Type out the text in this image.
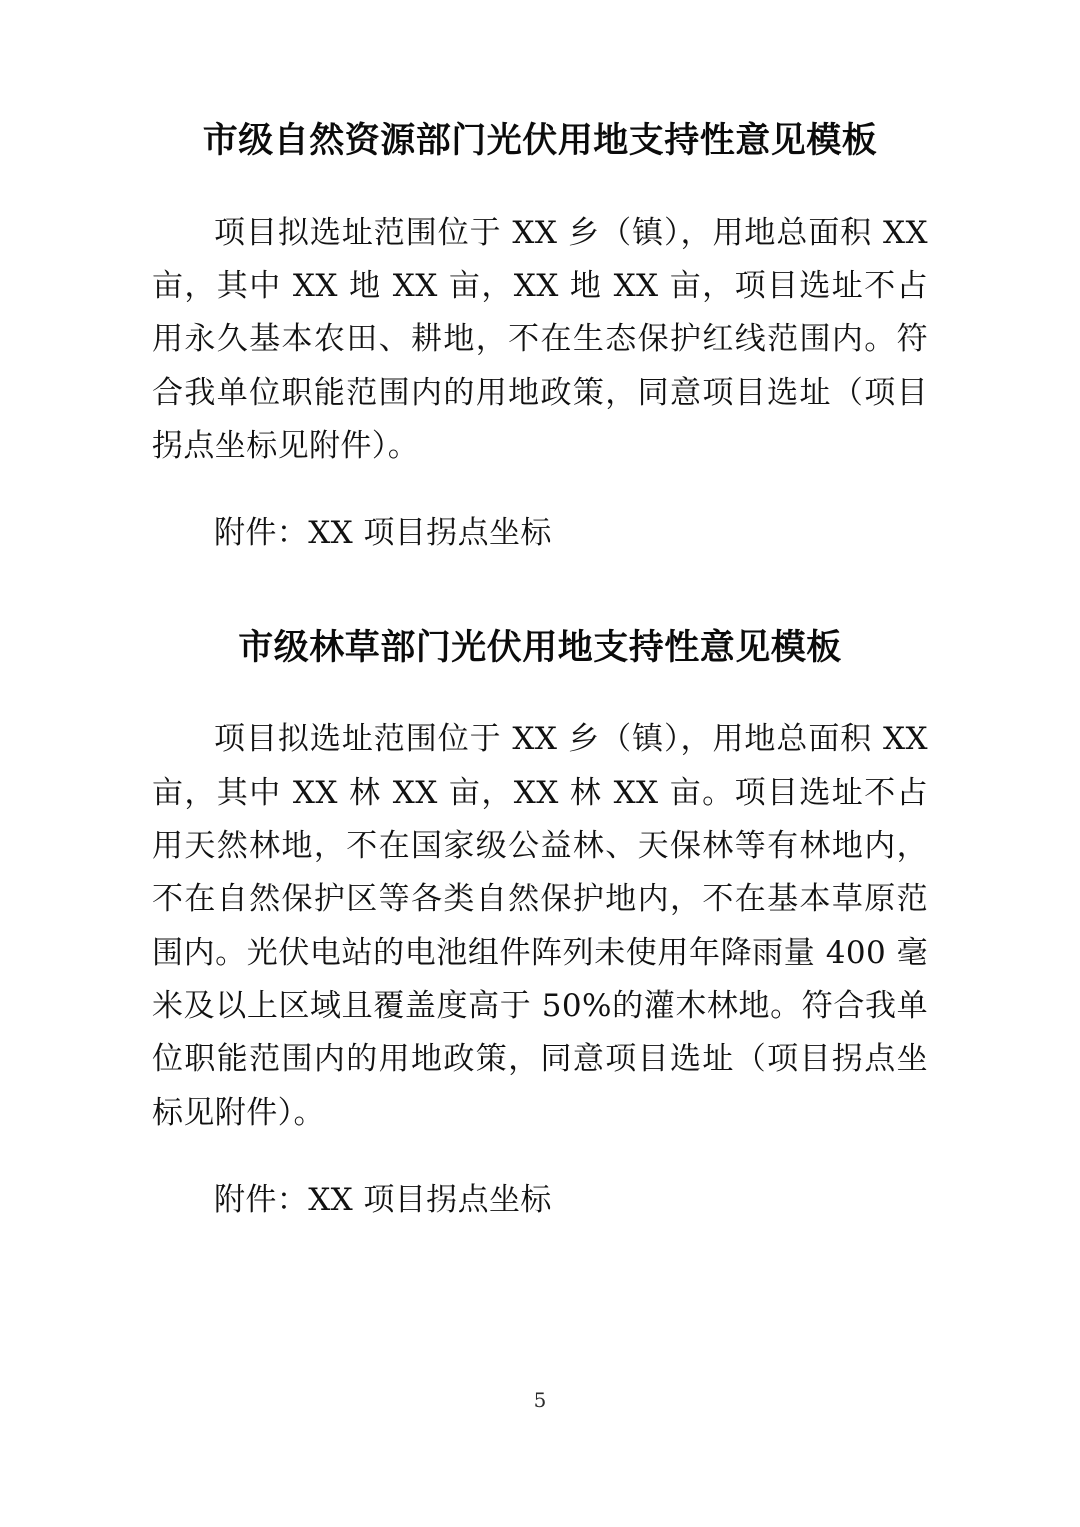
市级自然资源部门光伏用地支持性意见模板

项目拟选址范围位于 XX 乡（镇），用地总面积 XX 亩，其中 XX 地 XX 亩，XX 地 XX 亩，项目选址不占用永久基本农田、耕地，不在生态保护红线范围内。符合我单位职能范围内的用地政策，同意项目选址（项目拐点坐标见附件）。

附件：XX 项目拐点坐标

市级林草部门光伏用地支持性意见模板

项目拟选址范围位于 XX 乡（镇），用地总面积 XX 亩，其中 XX 林 XX 亩，XX 林 XX 亩。项目选址不占用天然林地，不在国家级公益林、天保林等有林地内，不在自然保护区等各类自然保护地内，不在基本草原范围内。光伏电站的电池组件阵列未使用年降雨量 400 毫米及以上区域且覆盖度高于 50%的灌木林地。符合我单位职能范围内的用地政策，同意项目选址（项目拐点坐标见附件）。

附件：XX 项目拐点坐标

5
